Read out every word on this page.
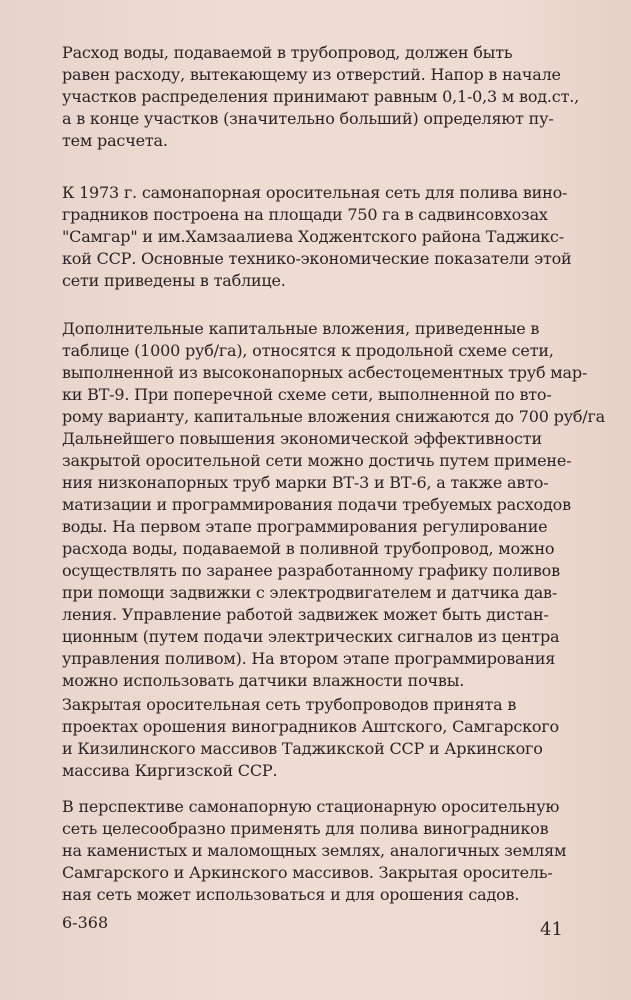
Расход воды, подаваемой в трубопровод, должен быть
равен расходу, вытекающему из отверстий. Напор в начале
участков распределения принимают равным 0,1-0,3 м вод.ст.,
а в конце участков (значительно больший) определяют пу-
тем расчета.
К 1973 г. самонапорная оросительная сеть для полива вино-
градников построена на площади 750 га в садвинсовхозах
"Самгар" и им.Хамзаалиева Ходжентского района Таджикс-
кой ССР. Основные технико-экономические показатели этой
сети приведены в таблице.
Дополнительные капитальные вложения, приведенные в
таблице (1000 руб/га), относятся к продольной схеме сети,
выполненной из высоконапорных асбестоцементных труб мар-
ки ВТ-9. При поперечной схеме сети, выполненной по вто-
рому варианту, капитальные вложения снижаются до 700 руб/га
Дальнейшего повышения экономической эффективности
закрытой оросительной сети можно достичь путем примене-
ния низконапорных труб марки ВТ-3 и ВТ-6, а также авто-
матизации и программирования подачи требуемых расходов
воды. На первом этапе программирования регулирование
расхода воды, подаваемой в поливной трубопровод, можно
осуществлять по заранее разработанному графику поливов
при помощи задвижки с электродвигателем и датчика дав-
ления. Управление работой задвижек может быть дистан-
ционным (путем подачи электрических сигналов из центра
управления поливом). На втором этапе программирования
можно использовать датчики влажности почвы.
Закрытая оросительная сеть трубопроводов принята в
проектах орошения виноградников Аштского, Самгарского
и Кизилинского массивов Таджикской ССР и Аркинского
массива Киргизской ССР.
В перспективе самонапорную стационарную оросительную
сеть целесообразно применять для полива виноградников
на каменистых и маломощных землях, аналогичных землям
Самгарского и Аркинского массивов. Закрытая ороситель-
ная сеть может использоваться и для орошения садов.
6-368	41
